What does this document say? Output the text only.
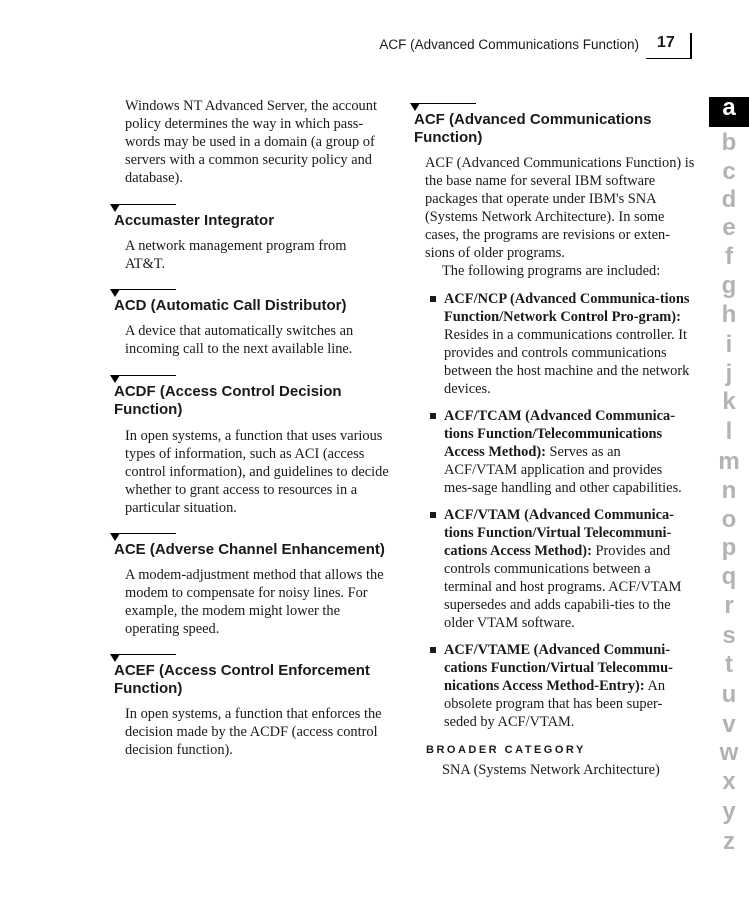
ACF (Advanced Communications Function) 17

Windows NT Advanced Server, the account policy determines the way in which pass-words may be used in a domain (a group of servers with a common security policy and database).

Accumaster Integrator

A network management program from AT&T.

ACD (Automatic Call Distributor)

A device that automatically switches an incoming call to the next available line.

ACDF (Access Control Decision Function)

In open systems, a function that uses various types of information, such as ACI (access control information), and guidelines to decide whether to grant access to resources in a particular situation.

ACE (Adverse Channel Enhancement)

A modem-adjustment method that allows the modem to compensate for noisy lines. For example, the modem might lower the operating speed.

ACEF (Access Control Enforcement Function)

In open systems, a function that enforces the decision made by the ACDF (access control decision function).

ACF (Advanced Communications Function)

ACF (Advanced Communications Function) is the base name for several IBM software packages that operate under IBM's SNA (Systems Network Architecture). In some cases, the programs are revisions or exten-sions of older programs.

The following programs are included:

ACF/NCP (Advanced Communica-tions Function/Network Control Pro-gram): Resides in a communications controller. It provides and controls communications between the host machine and the network devices.
ACF/TCAM (Advanced Communica-tions Function/Telecommunications Access Method): Serves as an ACF/VTAM application and provides mes-sage handling and other capabilities.
ACF/VTAM (Advanced Communica-tions Function/Virtual Telecommuni-cations Access Method): Provides and controls communications between a terminal and host programs. ACF/VTAM supersedes and adds capabili-ties to the older VTAM software.
ACF/VTAME (Advanced Communi-cations Function/Virtual Telecommu-nications Access Method-Entry): An obsolete program that has been super-seded by ACF/VTAM.
BROADER CATEGORY

SNA (Systems Network Architecture)

a
b
c
d
e
f
g
h
i
j
k
l
m
n
o
p
q
r
s
t
u
v
w
x
y
z
